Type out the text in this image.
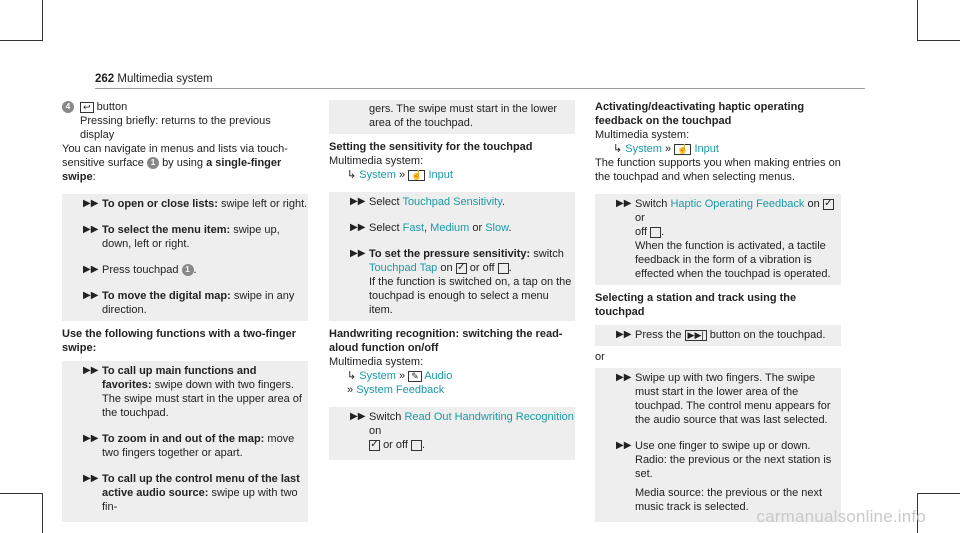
262 Multimedia system

4	↩ button

Pressing briefly: returns to the previous display

You can navigate in menus and lists via touch-sensitive surface 1 by using a single-finger swipe:

▶▶ To open or close lists: swipe left or right.
▶▶ To select the menu item: swipe up, down, left or right.
▶▶ Press touchpad 1 .
▶▶ To move the digital map: swipe in any direction.

Use the following functions with a two-finger swipe:

▶▶ To call up main functions and favorites: swipe down with two fingers. The swipe must start in the upper area of the touchpad.
▶▶ To zoom in and out of the map: move two fingers together or apart.
▶▶ To call up the control menu of the last active audio source: swipe up with two fin-
gers. The swipe must start in the lower area of the touchpad.

Setting the sensitivity for the touchpad

Multimedia system:

↳ System » ☝ Input

▶▶ Select Touchpad Sensitivity.
▶▶ Select Fast, Medium or Slow.
▶▶ To set the pressure sensitivity: switch Touchpad Tap on ✓ or off .
If the function is switched on, a tap on the touchpad is enough to select a menu item.

Handwriting recognition: switching the read-aloud function on/off

Multimedia system:

↳ System » ✎ Audio
» System Feedback

▶▶ Switch Read Out Handwriting Recognition on
✓ or off .

Activating/deactivating haptic operating feedback on the touchpad

Multimedia system:

↳ System » ☝ Input

The function supports you when making entries on the touchpad and when selecting menus.

▶▶ Switch Haptic Operating Feedback on ✓ or
off .
When the function is activated, a tactile feedback in the form of a vibration is effected when the touchpad is operated.

Selecting a station and track using the touchpad

▶▶ Press the ▶▶| button on the touchpad.

or

▶▶ Swipe up with two fingers. The swipe must start in the lower area of the touchpad. The control menu appears for the audio source that was last selected.
▶▶ Use one finger to swipe up or down.
Radio: the previous or the next station is set.
Media source: the previous or the next music track is selected. carmanualsonline.info
